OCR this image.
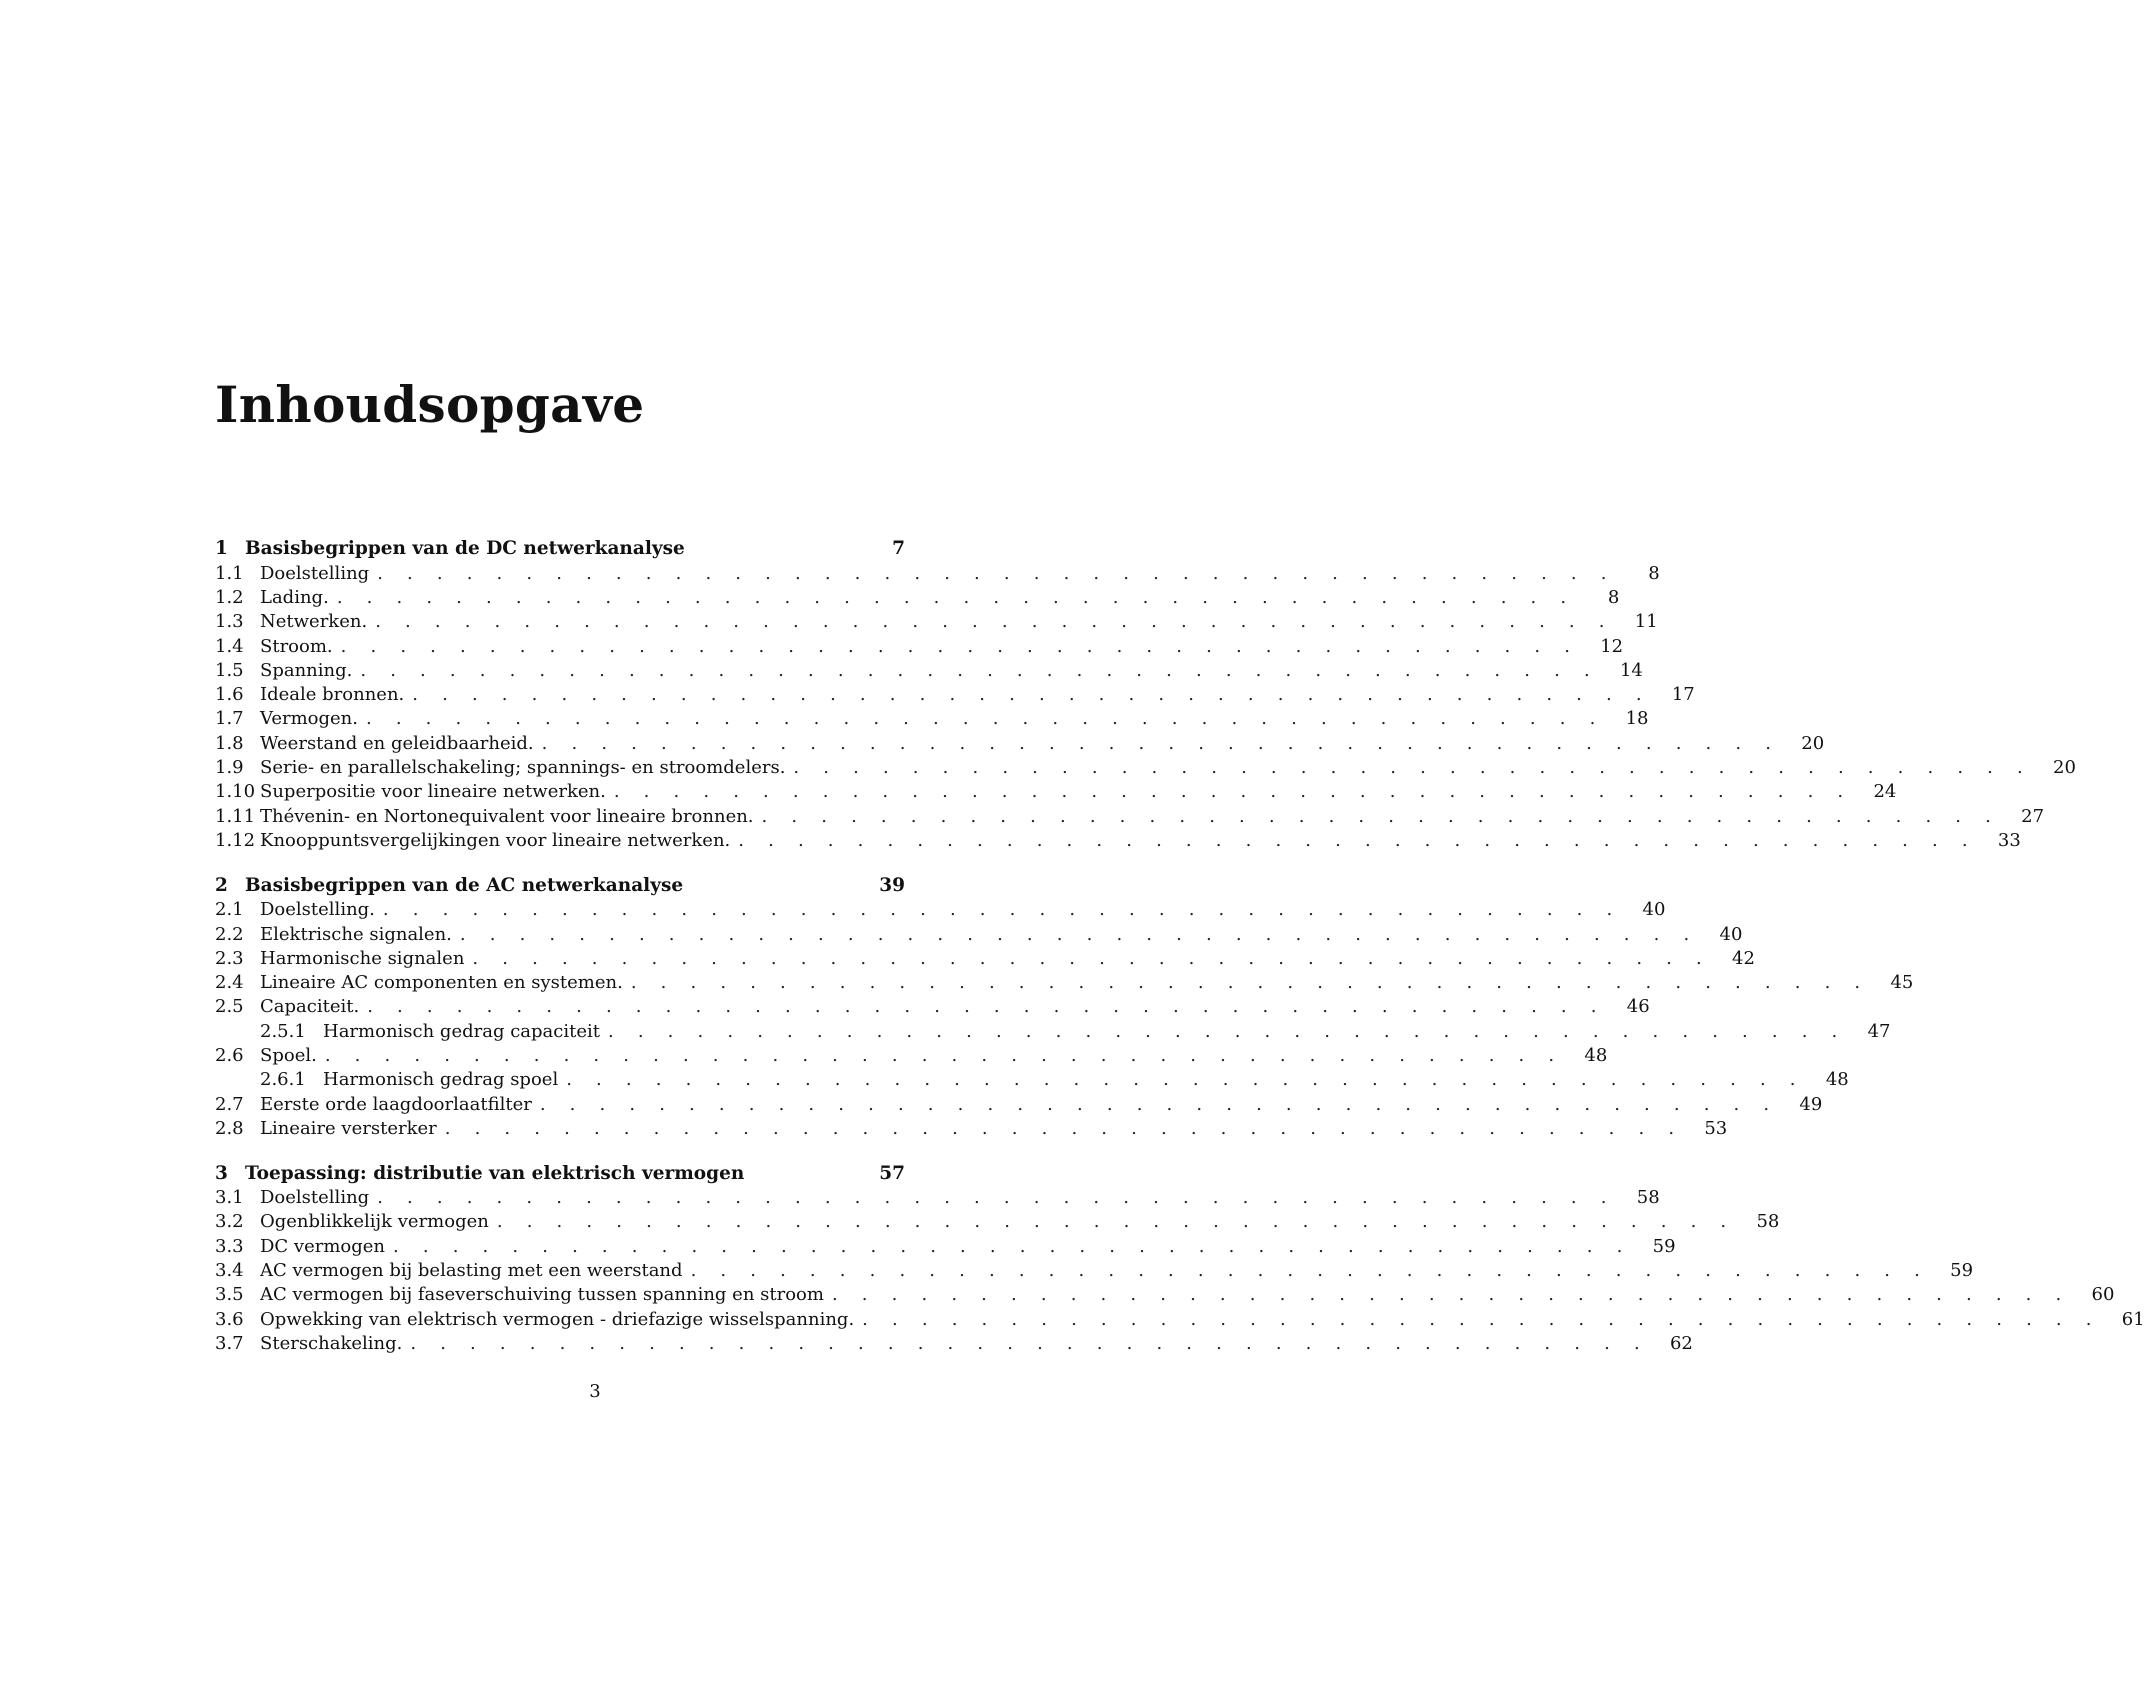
Inhoudsopgave
1 Basisbegrippen van de DC netwerkanalyse	7
1.1 Doelstelling . . . . . . . . . . . . . . . . . . . . . . . . . . . . . . . . . . . . . . . . . .	8
1.2 Lading. . . . . . . . . . . . . . . . . . . . . . . . . . . . . . . . . . . . . . . . . . .	8
1.3 Netwerken. . . . . . . . . . . . . . . . . . . . . . . . . . . . . . . . . . . . . . . . . . .	11
1.4 Stroom. . . . . . . . . . . . . . . . . . . . . . . . . . . . . . . . . . . . . . . . . . .	12
1.5 Spanning. . . . . . . . . . . . . . . . . . . . . . . . . . . . . . . . . . . . . . . . . . .	14
1.6 Ideale bronnen. . . . . . . . . . . . . . . . . . . . . . . . . . . . . . . . . . . . . . . . . . .	17
1.7 Vermogen. . . . . . . . . . . . . . . . . . . . . . . . . . . . . . . . . . . . . . . . . . .	18
1.8 Weerstand en geleidbaarheid. . . . . . . . . . . . . . . . . . . . . . . . . . . . . . . . . . . . . . . . . . .	20
1.9 Serie- en parallelschakeling; spannings- en stroomdelers. . . . . . . . . . . . . . . . . . . . . . . . . . . . . . . . . . . . . . . . . . .	20
1.10 Superpositie voor lineaire netwerken. . . . . . . . . . . . . . . . . . . . . . . . . . . . . . . . . . . . . . . . . . .	24
1.11 Thévenin- en Nortonequivalent voor lineaire bronnen. . . . . . . . . . . . . . . . . . . . . . . . . . . . . . . . . . . . . . . . . . .	27
1.12 Knooppuntsvergelijkingen voor lineaire netwerken. . . . . . . . . . . . . . . . . . . . . . . . . . . . . . . . . . . . . . . . . . .	33
2 Basisbegrippen van de AC netwerkanalyse	39
2.1 Doelstelling. . . . . . . . . . . . . . . . . . . . . . . . . . . . . . . . . . . . . . . . . . .	40
2.2 Elektrische signalen. . . . . . . . . . . . . . . . . . . . . . . . . . . . . . . . . . . . . . . . . . .	40
2.3 Harmonische signalen . . . . . . . . . . . . . . . . . . . . . . . . . . . . . . . . . . . . . . . . . .	42
2.4 Lineaire AC componenten en systemen. . . . . . . . . . . . . . . . . . . . . . . . . . . . . . . . . . . . . . . . . . .	45
2.5 Capaciteit. . . . . . . . . . . . . . . . . . . . . . . . . . . . . . . . . . . . . . . . . . .	46
2.5.1 Harmonisch gedrag capaciteit . . . . . . . . . . . . . . . . . . . . . . . . . . . . . . . . . . . . . . . . . .	47
2.6 Spoel. . . . . . . . . . . . . . . . . . . . . . . . . . . . . . . . . . . . . . . . . . .	48
2.6.1 Harmonisch gedrag spoel . . . . . . . . . . . . . . . . . . . . . . . . . . . . . . . . . . . . . . . . . .	48
2.7 Eerste orde laagdoorlaatfilter . . . . . . . . . . . . . . . . . . . . . . . . . . . . . . . . . . . . . . . . . .	49
2.8 Lineaire versterker . . . . . . . . . . . . . . . . . . . . . . . . . . . . . . . . . . . . . . . . . .	53
3 Toepassing: distributie van elektrisch vermogen	57
3.1 Doelstelling . . . . . . . . . . . . . . . . . . . . . . . . . . . . . . . . . . . . . . . . . .	58
3.2 Ogenblikkelijk vermogen . . . . . . . . . . . . . . . . . . . . . . . . . . . . . . . . . . . . . . . . . .	58
3.3 DC vermogen . . . . . . . . . . . . . . . . . . . . . . . . . . . . . . . . . . . . . . . . . .	59
3.4 AC vermogen bij belasting met een weerstand . . . . . . . . . . . . . . . . . . . . . . . . . . . . . . . . . . . . . . . . . .	59
3.5 AC vermogen bij faseverschuiving tussen spanning en stroom . . . . . . . . . . . . . . . . . . . . . . . . . . . . . . . . . . . . . . . . . .	60
3.6 Opwekking van elektrisch vermogen - driefazige wisselspanning. . . . . . . . . . . . . . . . . . . . . . . . . . . . . . . . . . . . . . . . . . .	61
3.7 Sterschakeling. . . . . . . . . . . . . . . . . . . . . . . . . . . . . . . . . . . . . . . . . . .	62
3
